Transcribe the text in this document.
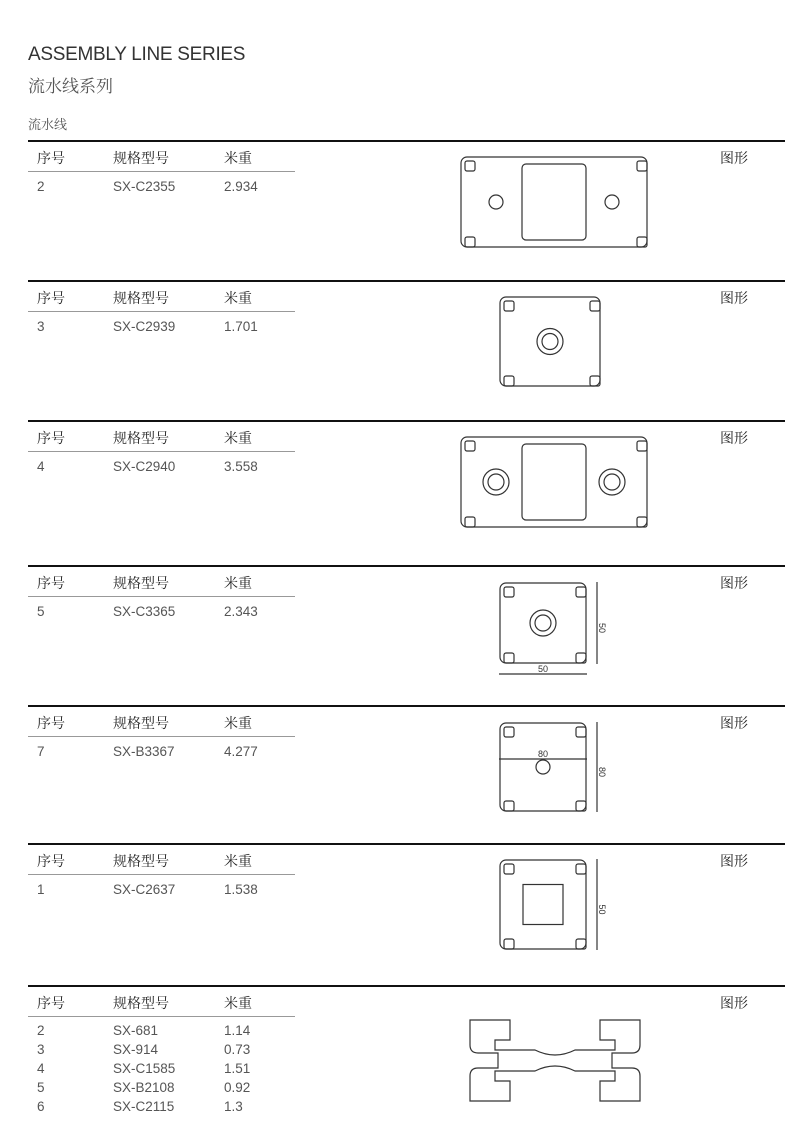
ASSEMBLY LINE SERIES
流水线系列
流水线
序号	规格型号	米重	图形
2	SX-C2355	2.934
序号	规格型号	米重	图形
3	SX-C2939	1.701
序号	规格型号	米重	图形
4	SX-C2940	3.558
序号	规格型号	米重	图形
5	SX-C3365	2.343
50
50
序号	规格型号	米重	图形
7	SX-B3367	4.277
80
80
序号	规格型号	米重	图形
1	SX-C2637	1.538
50
序号	规格型号	米重	图形
2	SX-681	1.14
3	SX-914	0.73
4	SX-C1585	1.51
5	SX-B2108	0.92
6	SX-C2115	1.3
